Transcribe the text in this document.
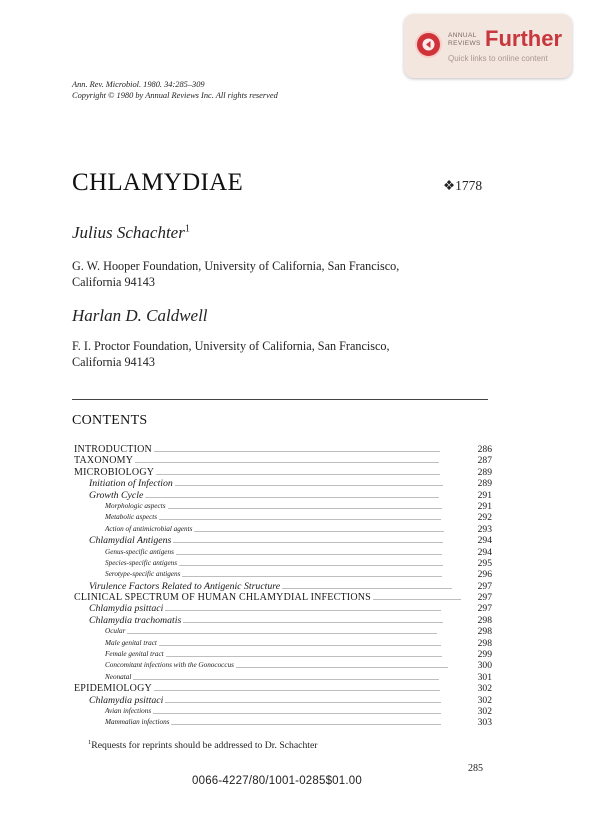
ANNUAL
REVIEWS Further
Quick links to online content
Ann. Rev. Microbiol. 1980. 34:285–309
Copyright © 1980 by Annual Reviews Inc. All rights reserved
CHLAMYDIAE	❖1778
Julius Schachter$^1$
G. W. Hooper Foundation, University of California, San Francisco,
California 94143
Harlan D. Caldwell
F. I. Proctor Foundation, University of California, San Francisco,
California 94143
CONTENTS
INTRODUCTION ...............................................................................................................................................	286
TAXONOMY ........................................................................................................................................................	287
MICROBIOLOGY ..............................................................................................................................................	289
Initiation of Infection ......................................................................................................................................	289
Growth Cycle ...................................................................................................................................................	291
Morphologic aspects .........................................................................................................................................	291
Metabolic aspects .............................................................................................................................................	292
Action of antimicrobial agents .............................................................................................................................	293
Chlamydial Antigens .......................................................................................................................................	294
Genus-specific antigens .....................................................................................................................................	294
Species-specific antigens ....................................................................................................................................	295
Serotype-specific antigens ..................................................................................................................................	296
Virulence Factors Related to Antigenic Structure .....................................................................................	297
CLINICAL SPECTRUM OF HUMAN CHLAMYDIAL INFECTIONS ............................................	297
Chlamydia psittaci ..........................................................................................................................................	297
Chlamydia trachomatis ..................................................................................................................................	298
Ocular ...........................................................................................................................................................	298
Male genital tract .............................................................................................................................................	298
Female genital tract ..........................................................................................................................................	299
Concomitant infections with the Gonococcus ..........................................................................................................	300
Neonatal .........................................................................................................................................................	301
EPIDEMIOLOGY ...............................................................................................................................................	302
Chlamydia psittaci ..........................................................................................................................................	302
Avian infections ................................................................................................................................................	302
Mammalian infections .......................................................................................................................................	303
$^1$Requests for reprints should be addressed to Dr. Schachter
285
0066-4227/80/1001-0285$01.00
